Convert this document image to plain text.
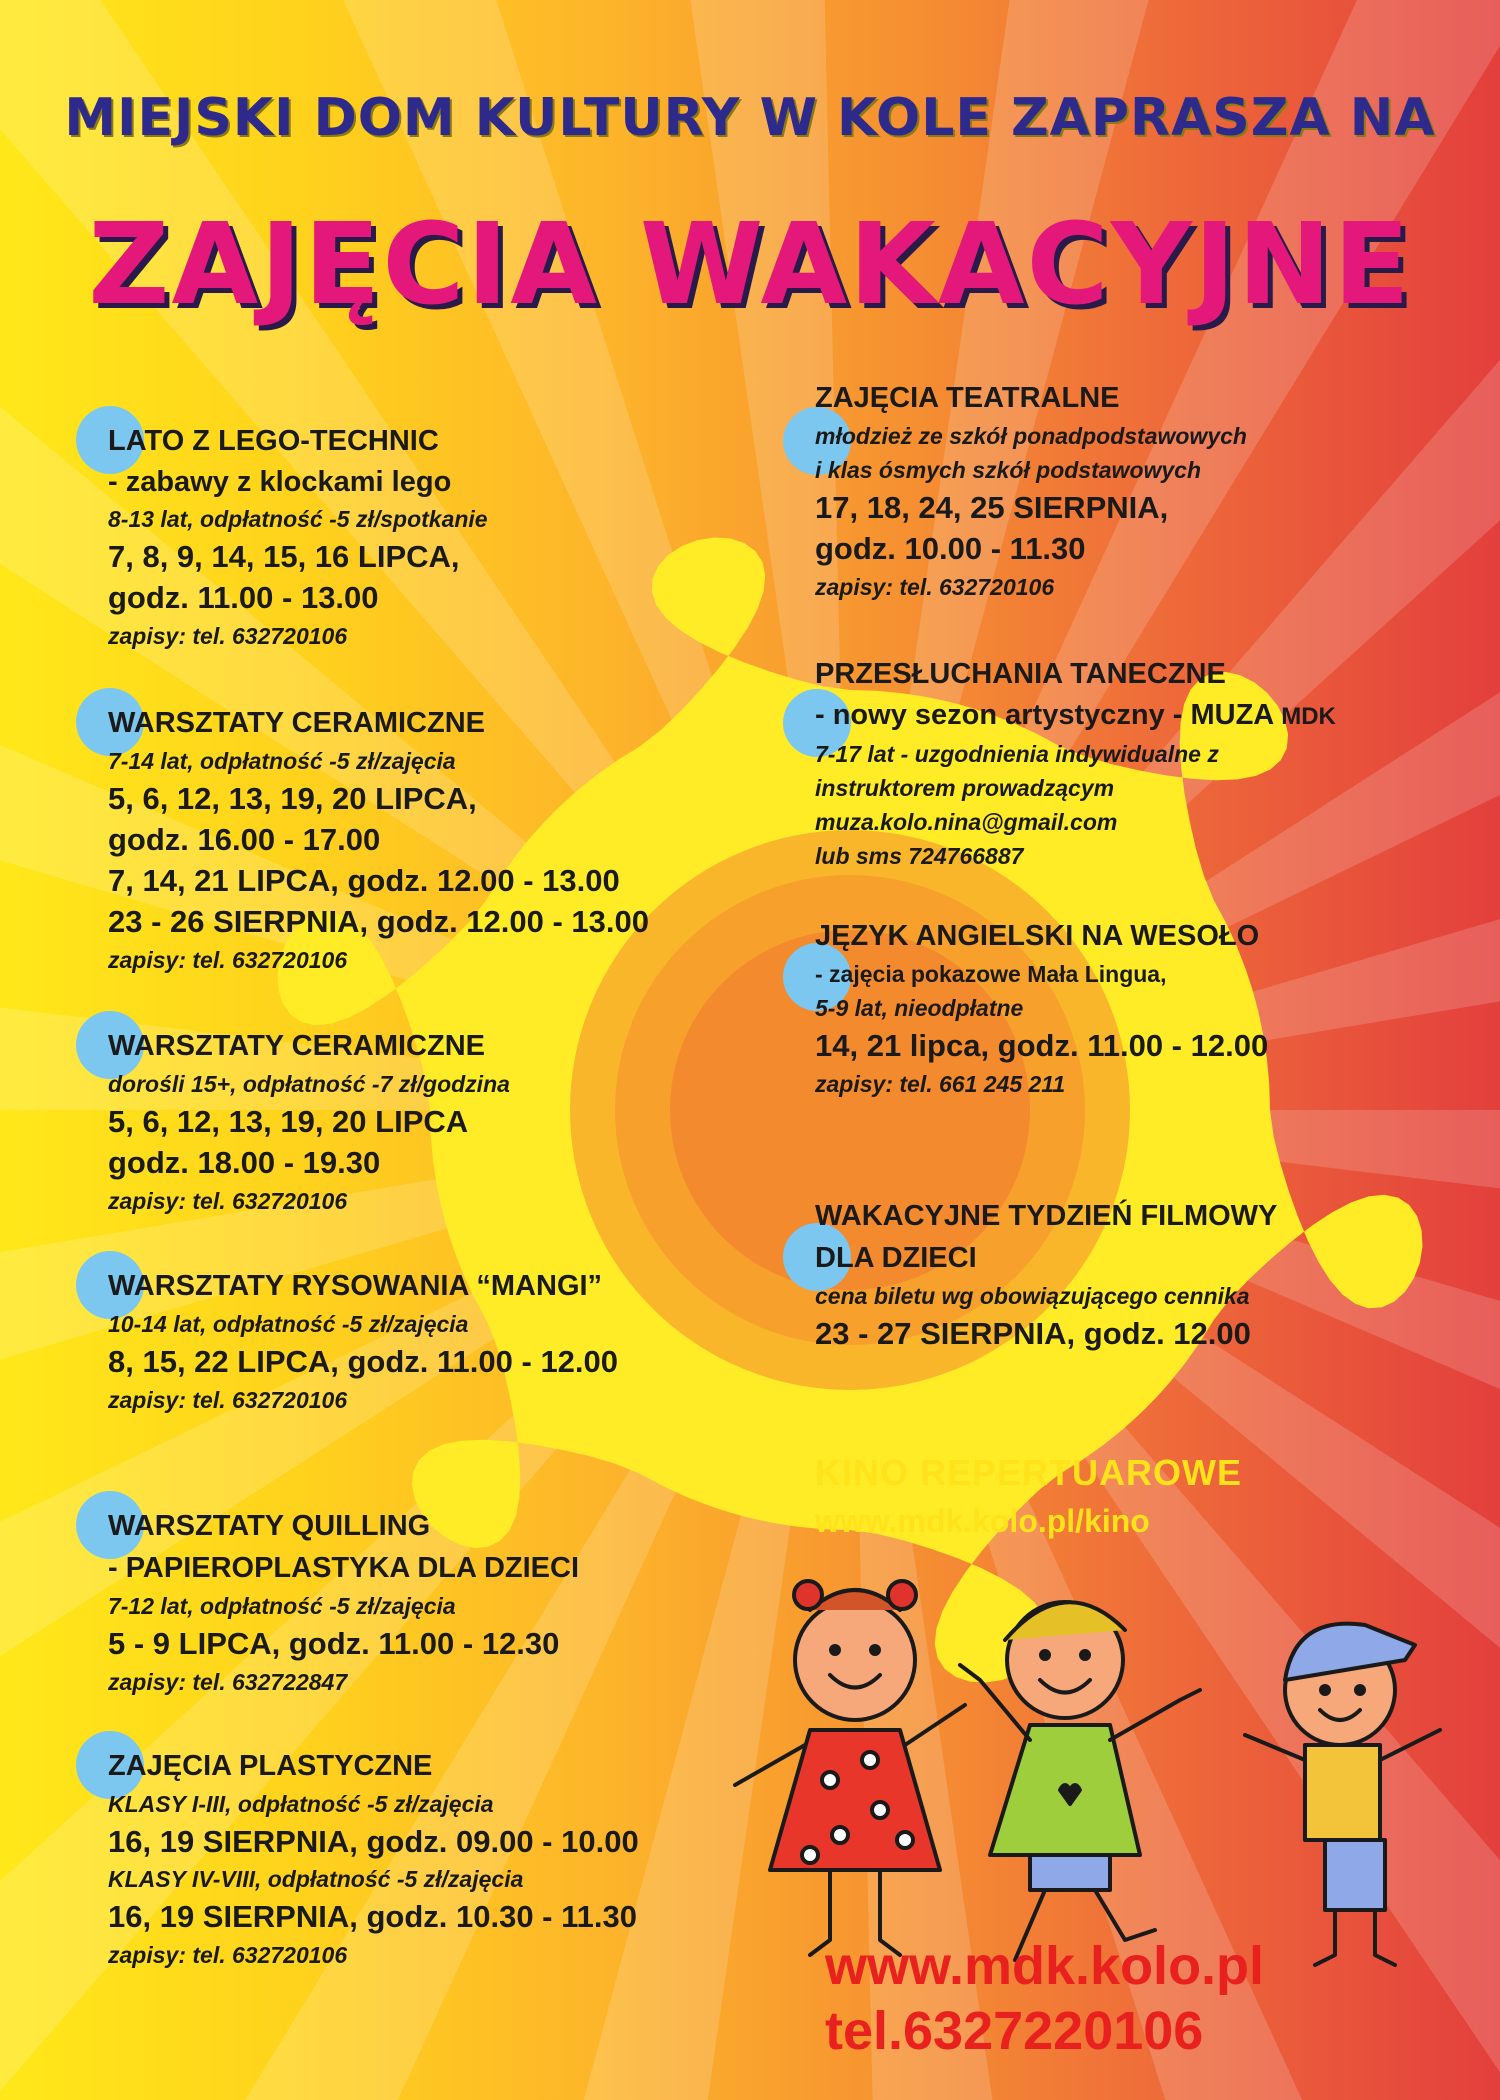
MIEJSKI DOM KULTURY W KOLE ZAPRASZA NA
ZAJĘCIA WAKACYJNE
LATO Z LEGO-TECHNIC
- zabawy z klockami lego
8-13 lat, odpłatność -5 zł/spotkanie
7, 8, 9, 14, 15, 16 LIPCA,
godz. 11.00 - 13.00
zapisy: tel. 632720106
WARSZTATY CERAMICZNE
7-14 lat, odpłatność -5 zł/zajęcia
5, 6, 12, 13, 19, 20 LIPCA,
godz. 16.00 - 17.00
7, 14, 21 LIPCA, godz. 12.00 - 13.00
23 - 26 SIERPNIA, godz. 12.00 - 13.00
zapisy: tel. 632720106
WARSZTATY CERAMICZNE
dorośli 15+, odpłatność -7 zł/godzina
5, 6, 12, 13, 19, 20 LIPCA
godz. 18.00 - 19.30
zapisy: tel. 632720106
WARSZTATY RYSOWANIA “MANGI”
10-14 lat, odpłatność -5 zł/zajęcia
8, 15, 22 LIPCA, godz. 11.00 - 12.00
zapisy: tel. 632720106
WARSZTATY QUILLING
- PAPIEROPLASTYKA DLA DZIECI
7-12 lat, odpłatność -5 zł/zajęcia
5 - 9 LIPCA, godz. 11.00 - 12.30
zapisy: tel. 632722847
ZAJĘCIA PLASTYCZNE
KLASY I-III, odpłatność -5 zł/zajęcia
16, 19 SIERPNIA, godz. 09.00 - 10.00
KLASY IV-VIII, odpłatność -5 zł/zajęcia
16, 19 SIERPNIA, godz. 10.30 - 11.30
zapisy: tel. 632720106
ZAJĘCIA TEATRALNE
młodzież ze szkół ponadpodstawowych
i klas ósmych szkół podstawowych
17, 18, 24, 25 SIERPNIA,
godz. 10.00 - 11.30
zapisy: tel. 632720106
PRZESŁUCHANIA TANECZNE
- nowy sezon artystyczny - MUZA MDK
7-17 lat - uzgodnienia indywidualne z
instruktorem prowadzącym
muza.kolo.nina@gmail.com
lub sms 724766887
JĘZYK ANGIELSKI NA WESOŁO
- zajęcia pokazowe Mała Lingua,
5-9 lat, nieodpłatne
14, 21 lipca, godz. 11.00 - 12.00
zapisy: tel. 661 245 211
WAKACYJNE TYDZIEŃ FILMOWY
DLA DZIECI
cena biletu wg obowiązującego cennika
23 - 27 SIERPNIA, godz. 12.00
KINO REPERTUAROWE
www.mdk.kolo.pl/kino
www.mdk.kolo.pl
tel.6327220106
